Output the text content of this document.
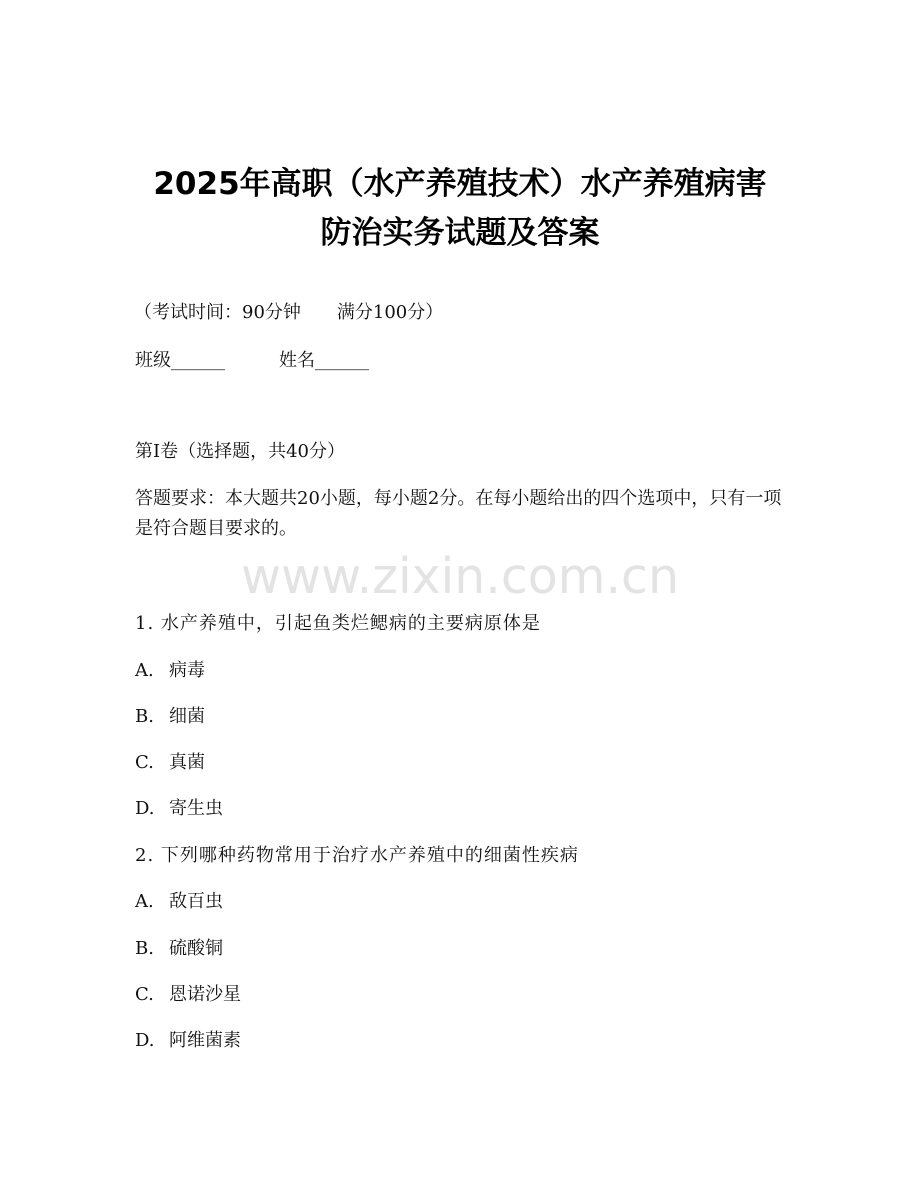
2025年高职（水产养殖技术）水产养殖病害
防治实务试题及答案
（考试时间：90分钟 满分100分）
班级______	姓名______
第I卷（选择题，共40分）
答题要求：本大题共20小题，每小题2分。在每小题给出的四个选项中，只有一项是符合题目要求的。
www.zixin.com.cn
1. 水产养殖中，引起鱼类烂鳃病的主要病原体是
A. 病毒
B. 细菌
C. 真菌
D. 寄生虫
2. 下列哪种药物常用于治疗水产养殖中的细菌性疾病
A. 敌百虫
B. 硫酸铜
C. 恩诺沙星
D. 阿维菌素
